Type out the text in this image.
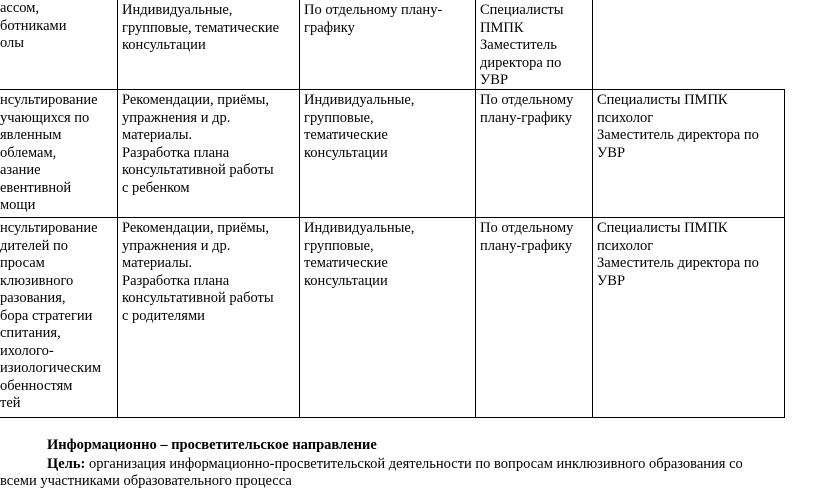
ассом,
ботниками
олы
Индивидуальные,
групповые, тематические
консультации
По отдельному плану-
графику
Специалисты
ПМПК
Заместитель
директора по
УВР
нсультирование
учающихся по
явленным
облемам,
азание
евентивной
мощи
Рекомендации, приёмы,
упражнения и др.
материалы.
Разработка плана
консультативной работы
с ребенком
Индивидуальные,
групповые,
тематические
консультации
По отдельному
плану-графику
Специалисты ПМПК
психолог
Заместитель директора по
УВР
нсультирование
дителей по
просам
клюзивного
разования,
бора стратегии
спитания,
ихолого-
изиологическим
обенностям
тей
Рекомендации, приёмы,
упражнения и др.
материалы.
Разработка плана
консультативной работы
с родителями
Индивидуальные,
групповые,
тематические
консультации
По отдельному
плану-графику
Специалисты ПМПК
психолог
Заместитель директора по
УВР
Информационно – просветительское направление
Цель: организация информационно-просветительской деятельности по вопросам инклюзивного образования со
всеми участниками образовательного процесса
